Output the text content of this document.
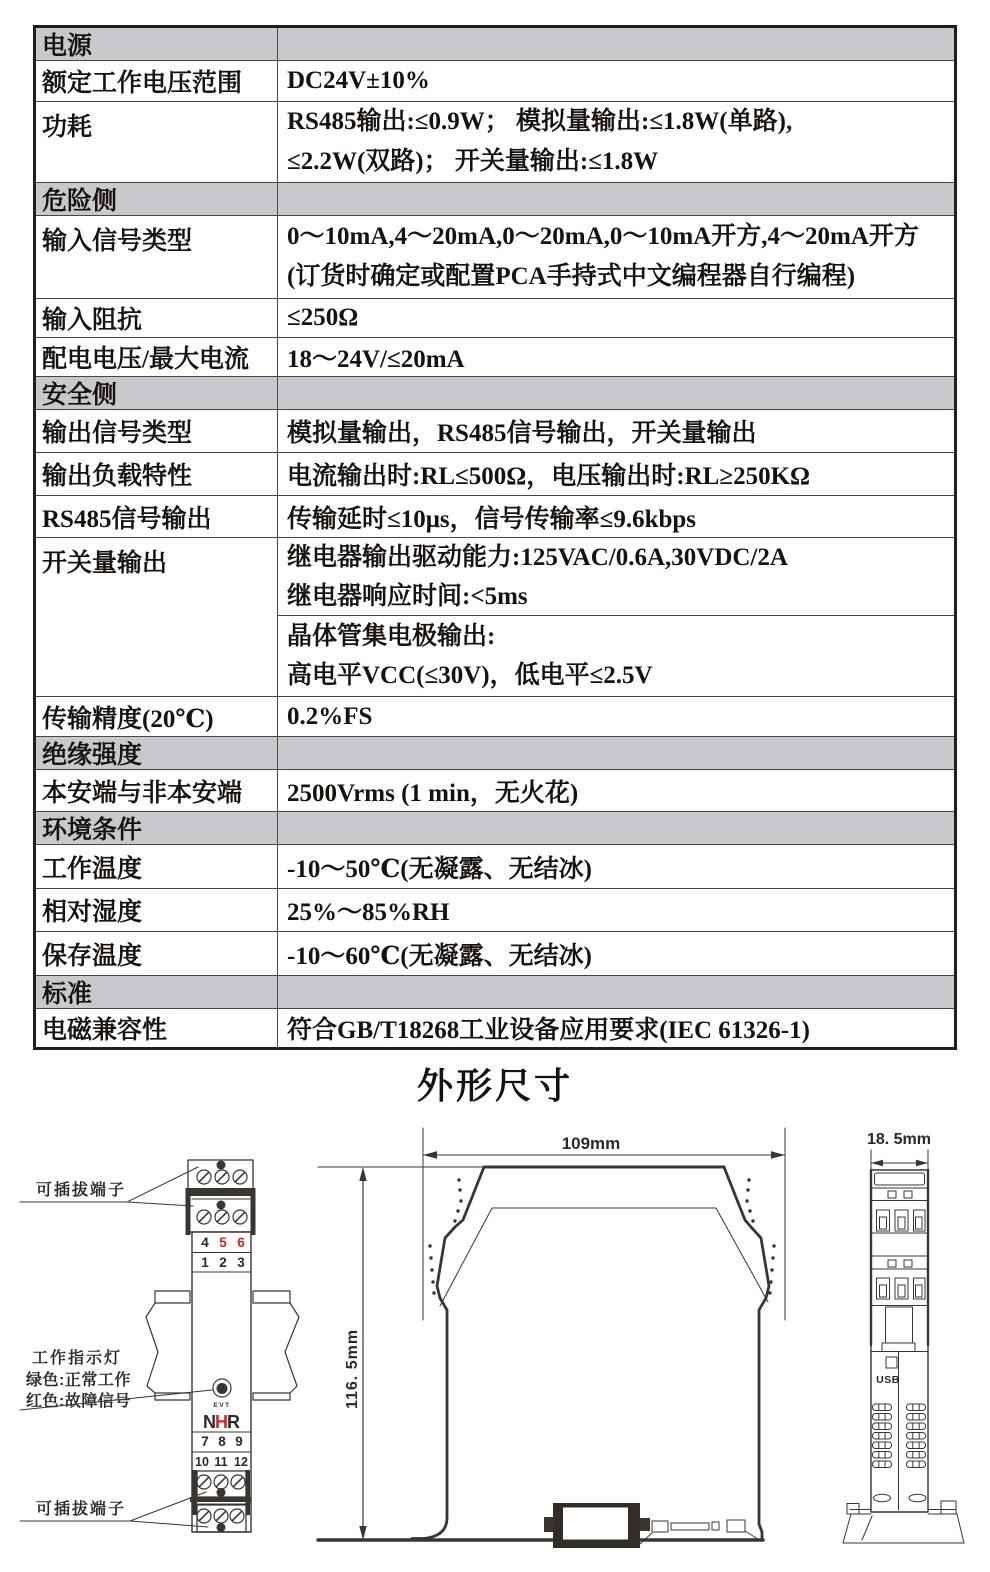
电源
额定工作电压范围	DC24V±10%
功耗	RS485输出:≤0.9W； 模拟量输出:≤1.8W(单路),
≤2.2W(双路)； 开关量输出:≤1.8W
危险侧
输入信号类型	0～10mA,4～20mA,0～20mA,0～10mA开方,4～20mA开方
(订货时确定或配置PCA手持式中文编程器自行编程)
输入阻抗	≤250Ω
配电电压/最大电流	18～24V/≤20mA
安全侧
输出信号类型	模拟量输出，RS485信号输出，开关量输出
输出负载特性	电流输出时:RL≤500Ω，电压输出时:RL≥250KΩ
RS485信号输出	传输延时≤10μs，信号传输率≤9.6kbps
开关量输出	继电器输出驱动能力:125VAC/0.6A,30VDC/2A
继电器响应时间:<5ms
晶体管集电极输出:
高电平VCC(≤30V)，低电平≤2.5V
传输精度(20℃)	0.2%FS
绝缘强度
本安端与非本安端	2500Vrms (1 min，无火花)
环境条件
工作温度	-10～50℃(无凝露、无结冰)
相对湿度	25%～85%RH
保存温度	-10～60℃(无凝露、无结冰)
标准
电磁兼容性	符合GB/T18268工业设备应用要求(IEC 61326-1)
外形尺寸
4 5 6
1 2 3
EVT
NHR
7 8 9
10 11 12
可插拔端子
工作指示灯
绿色:正常工作
红色:故障信号
可插拔端子
109mm
116. 5mm
18. 5mm
USB
